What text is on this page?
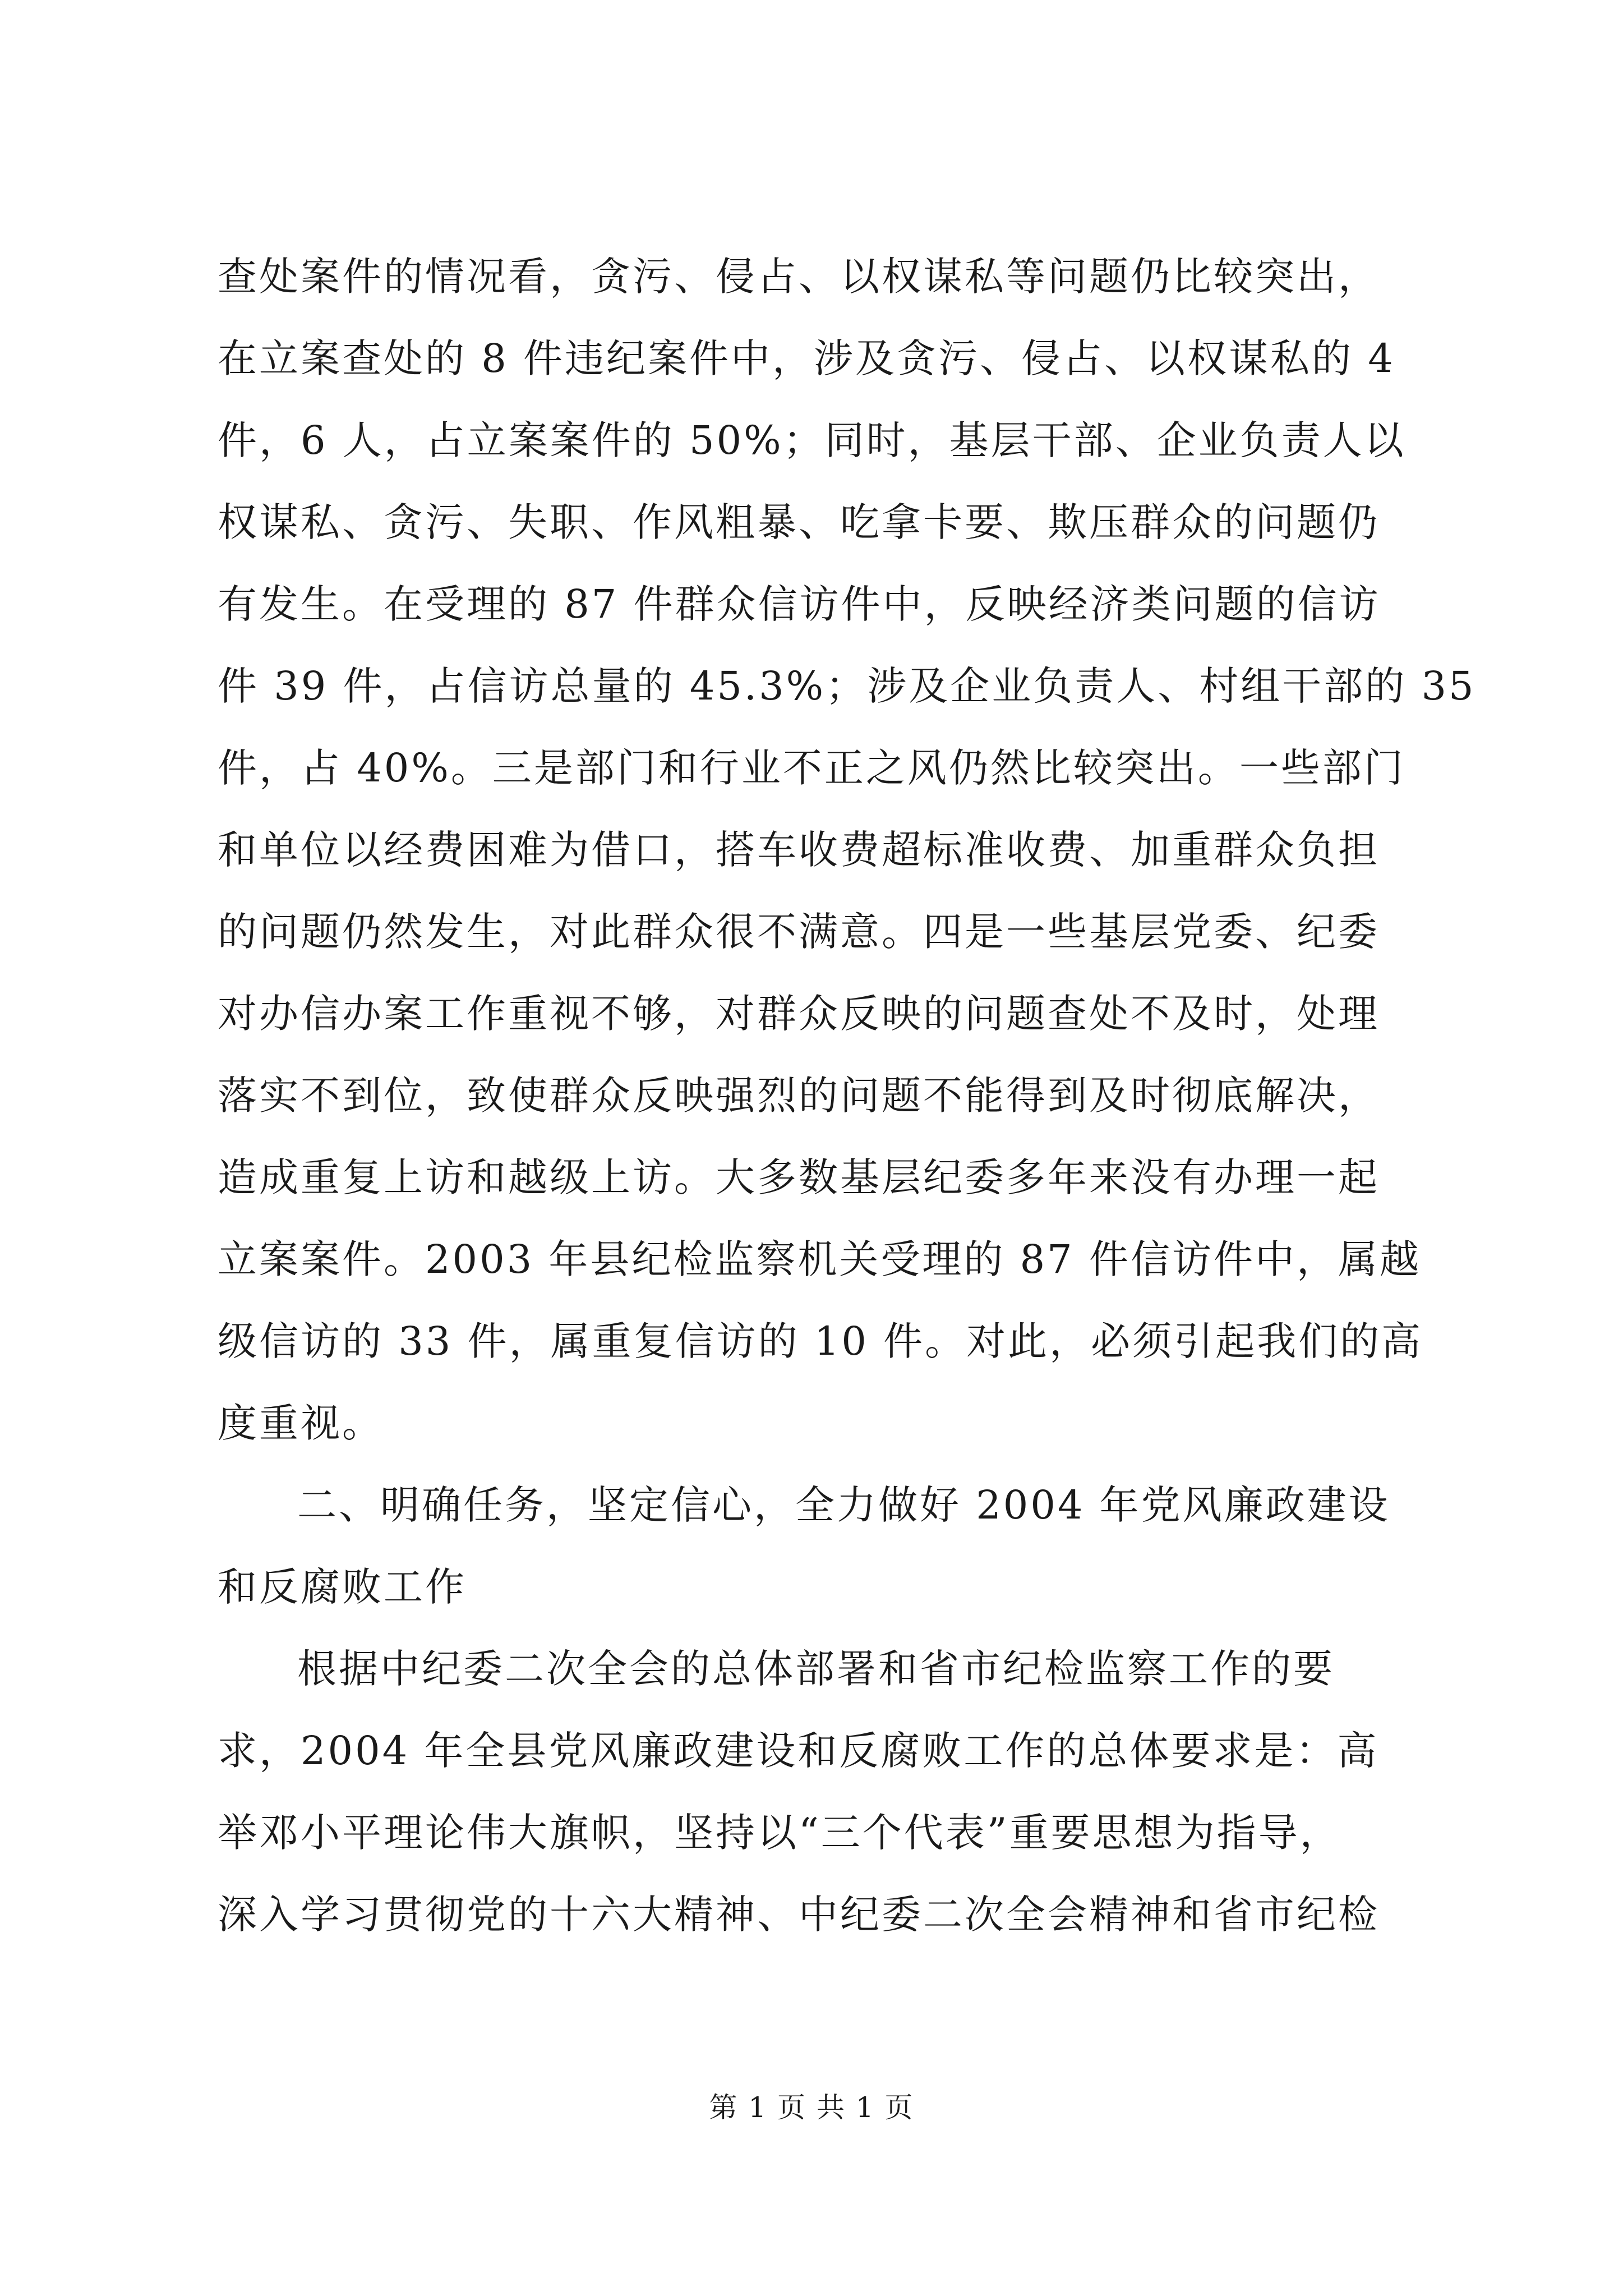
查处案件的情况看，贪污、侵占、以权谋私等问题仍比较突出，
在立案查处的 8 件违纪案件中，涉及贪污、侵占、以权谋私的 4
件，6 人，占立案案件的 50%；同时，基层干部、企业负责人以
权谋私、贪污、失职、作风粗暴、吃拿卡要、欺压群众的问题仍
有发生。在受理的 87 件群众信访件中，反映经济类问题的信访
件 39 件，占信访总量的 45.3%；涉及企业负责人、村组干部的 35
件，占 40%。三是部门和行业不正之风仍然比较突出。一些部门
和单位以经费困难为借口，搭车收费超标准收费、加重群众负担
的问题仍然发生，对此群众很不满意。四是一些基层党委、纪委
对办信办案工作重视不够，对群众反映的问题查处不及时，处理
落实不到位，致使群众反映强烈的问题不能得到及时彻底解决，
造成重复上访和越级上访。大多数基层纪委多年来没有办理一起
立案案件。2003 年县纪检监察机关受理的 87 件信访件中，属越
级信访的 33 件，属重复信访的 10 件。对此，必须引起我们的高
度重视。
二、明确任务，坚定信心，全力做好 2004 年党风廉政建设
和反腐败工作
根据中纪委二次全会的总体部署和省市纪检监察工作的要
求，2004 年全县党风廉政建设和反腐败工作的总体要求是：高
举邓小平理论伟大旗帜，坚持以“三个代表”重要思想为指导，
深入学习贯彻党的十六大精神、中纪委二次全会精神和省市纪检
第 1 页 共 1 页
